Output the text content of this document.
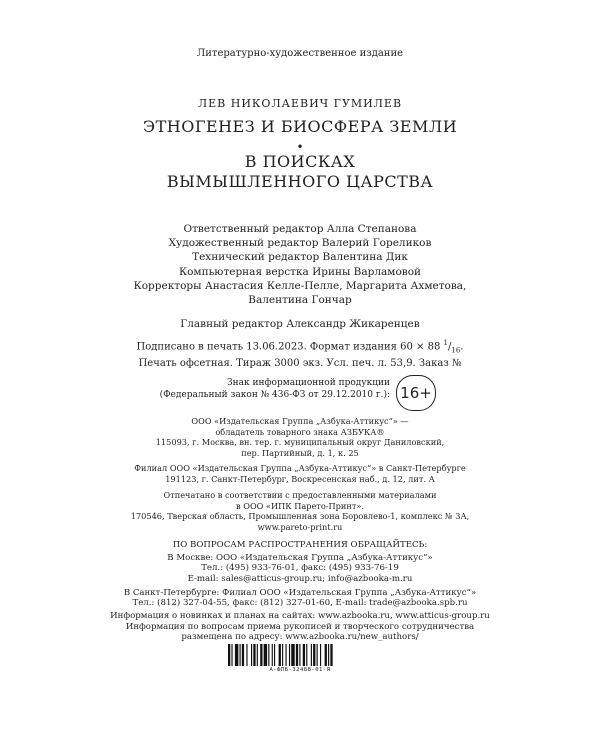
Литературно-художественное издание
ЛЕВ НИКОЛАЕВИЧ ГУМИЛЕВ
ЭТНОГЕНЕЗ И БИОСФЕРА ЗЕМЛИ
•
В ПОИСКАХ
ВЫМЫШЛЕННОГО ЦАРСТВА
Ответственный редактор Алла Степанова
Художественный редактор Валерий Гореликов
Технический редактор Валентина Дик
Компьютерная верстка Ирины Варламовой
Корректоры Анастасия Келле-Пелле, Маргарита Ахметова,
Валентина Гончар
Главный редактор Александр Жикаренцев
Подписано в печать 13.06.2023. Формат издания 60 × 88 $^1/_{16}$.
Печать офсетная. Тираж 3000 экз. Усл. печ. л. 53,9. Заказ №
Знак информационной продукции
(Федеральный закон № 436-ФЗ от 29.12.2010 г.): 16+
ООО «Издательская Группа „Азбука-Аттикус“» —
обладатель товарного знака АЗБУКА®
115093, г. Москва, вн. тер. г. муниципальный округ Даниловский,
пер. Партийный, д. 1, к. 25
Филиал ООО «Издательская Группа „Азбука-Аттикус“» в Санкт-Петербурге
191123, г. Санкт-Петербург, Воскресенская наб., д. 12, лит. А
Отпечатано в соответствии с предоставленными материалами
в ООО «ИПК Парето-Принт».
170546, Тверская область, Промышленная зона Боровлево-1, комплекс № 3А,
www.pareto-print.ru
ПО ВОПРОСАМ РАСПРОСТРАНЕНИЯ ОБРАЩАЙТЕСЬ:
В Москве: ООО «Издательская Группа „Азбука-Аттикус“»
Тел.: (495) 933-76-01, факс: (495) 933-76-19
E-mail: sales@atticus-group.ru; info@azbooka-m.ru
В Санкт-Петербурге: Филиал ООО «Издательская Группа „Азбука-Аттикус“»
Тел.: (812) 327-04-55, факс: (812) 327-01-60, E-mail: trade@azbooka.spb.ru
Информация о новинках и планах на сайтах: www.azbooka.ru, www.atticus-group.ru
Информация по вопросам приема рукописей и творческого сотрудничества
размещена по адресу: www.azbooka.ru/new_authors/
А-ФПБ-32488-01-Я
